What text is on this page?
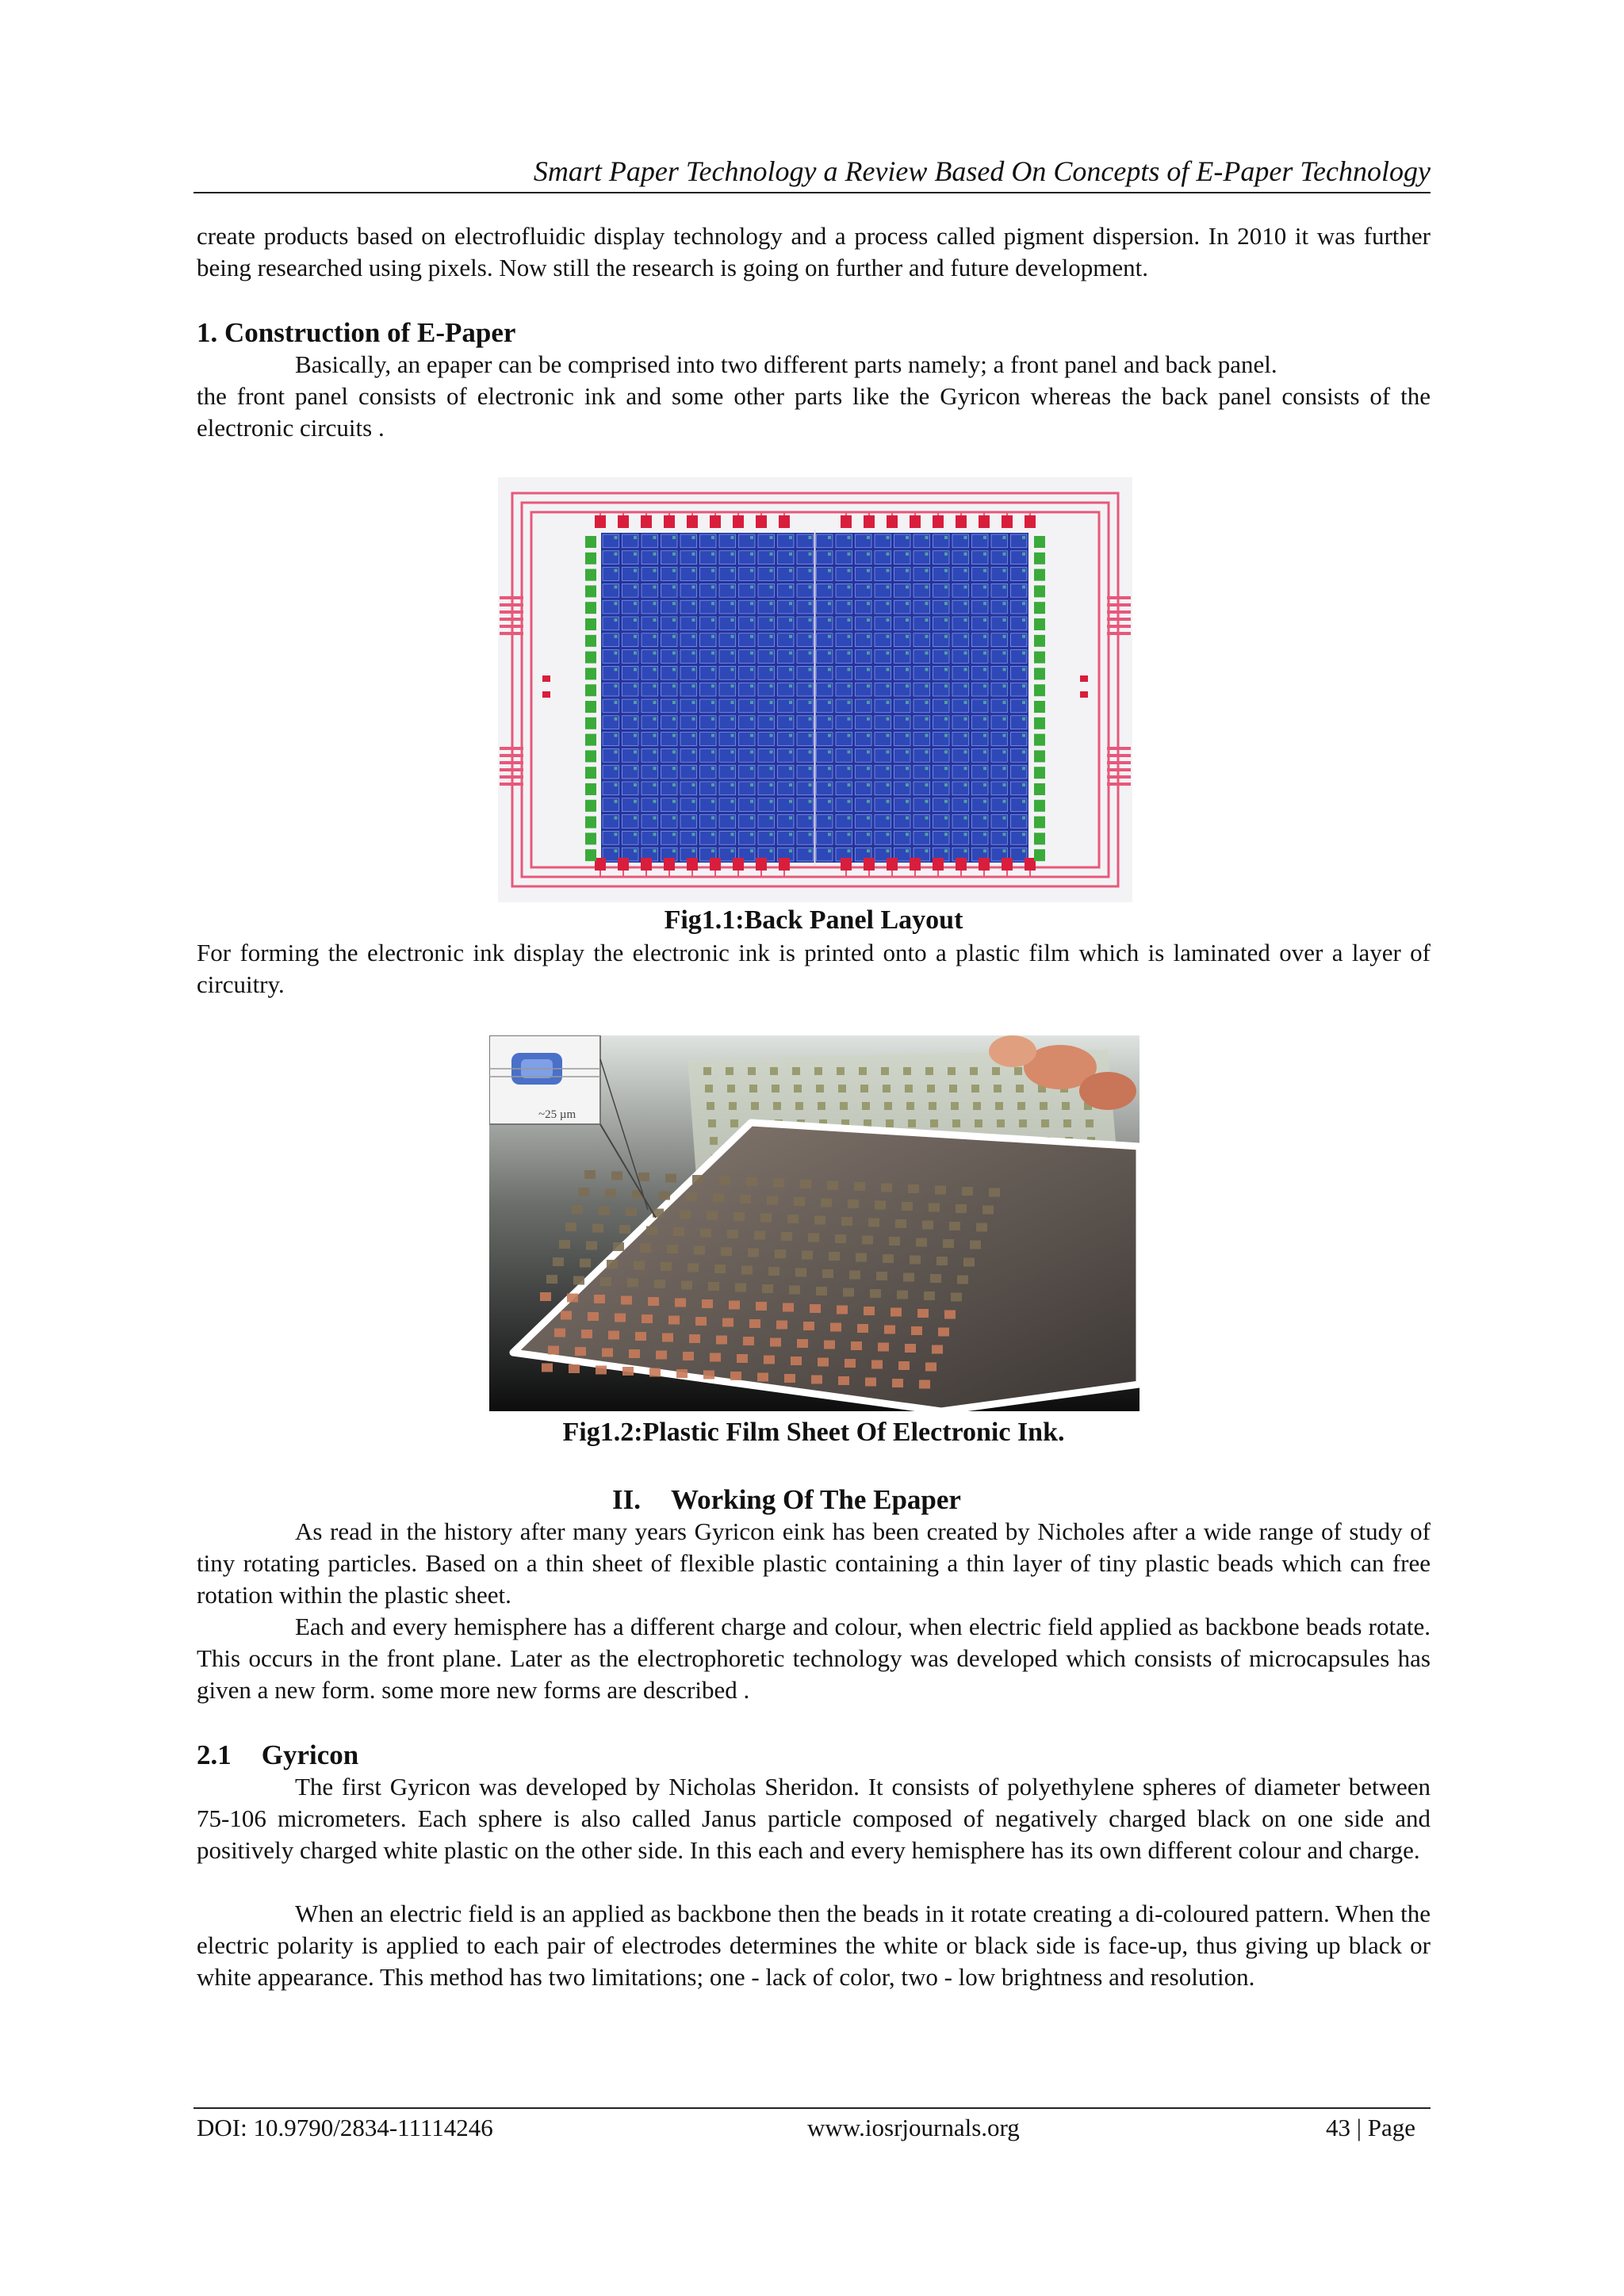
Smart Paper Technology a Review Based On Concepts of E-Paper Technology

create products based on electrofluidic display technology and a process called pigment dispersion. In 2010 it was further being researched using pixels. Now still the research is going on further and future development.

1. Construction of E-Paper

Basically, an epaper can be comprised into two different parts namely; a front panel and back panel.

the front panel consists of electronic ink and some other parts like the Gyricon whereas the back panel consists of the electronic circuits .

Fig1.1:Back Panel Layout

For forming the electronic ink display the electronic ink is printed onto a plastic film which is laminated over a layer of circuitry.

~25 µm

Fig1.2:Plastic Film Sheet Of Electronic Ink.

II. Working Of The Epaper

As read in the history after many years Gyricon eink has been created by Nicholes after a wide range of study of tiny rotating particles. Based on a thin sheet of flexible plastic containing a thin layer of tiny plastic beads which can free rotation within the plastic sheet.

Each and every hemisphere has a different charge and colour, when electric field applied as backbone beads rotate. This occurs in the front plane. Later as the electrophoretic technology was developed which consists of microcapsules has given a new form. some more new forms are described .

2.1 Gyricon

The first Gyricon was developed by Nicholas Sheridon. It consists of polyethylene spheres of diameter between 75-106 micrometers. Each sphere is also called Janus particle composed of negatively charged black on one side and positively charged white plastic on the other side. In this each and every hemisphere has its own different colour and charge.

When an electric field is an applied as backbone then the beads in it rotate creating a di-coloured pattern. When the electric polarity is applied to each pair of electrodes determines the white or black side is face-up, thus giving up black or white appearance. This method has two limitations; one - lack of color, two - low brightness and resolution.

DOI: 10.9790/2834-11114246	www.iosrjournals.org	43 | Page
